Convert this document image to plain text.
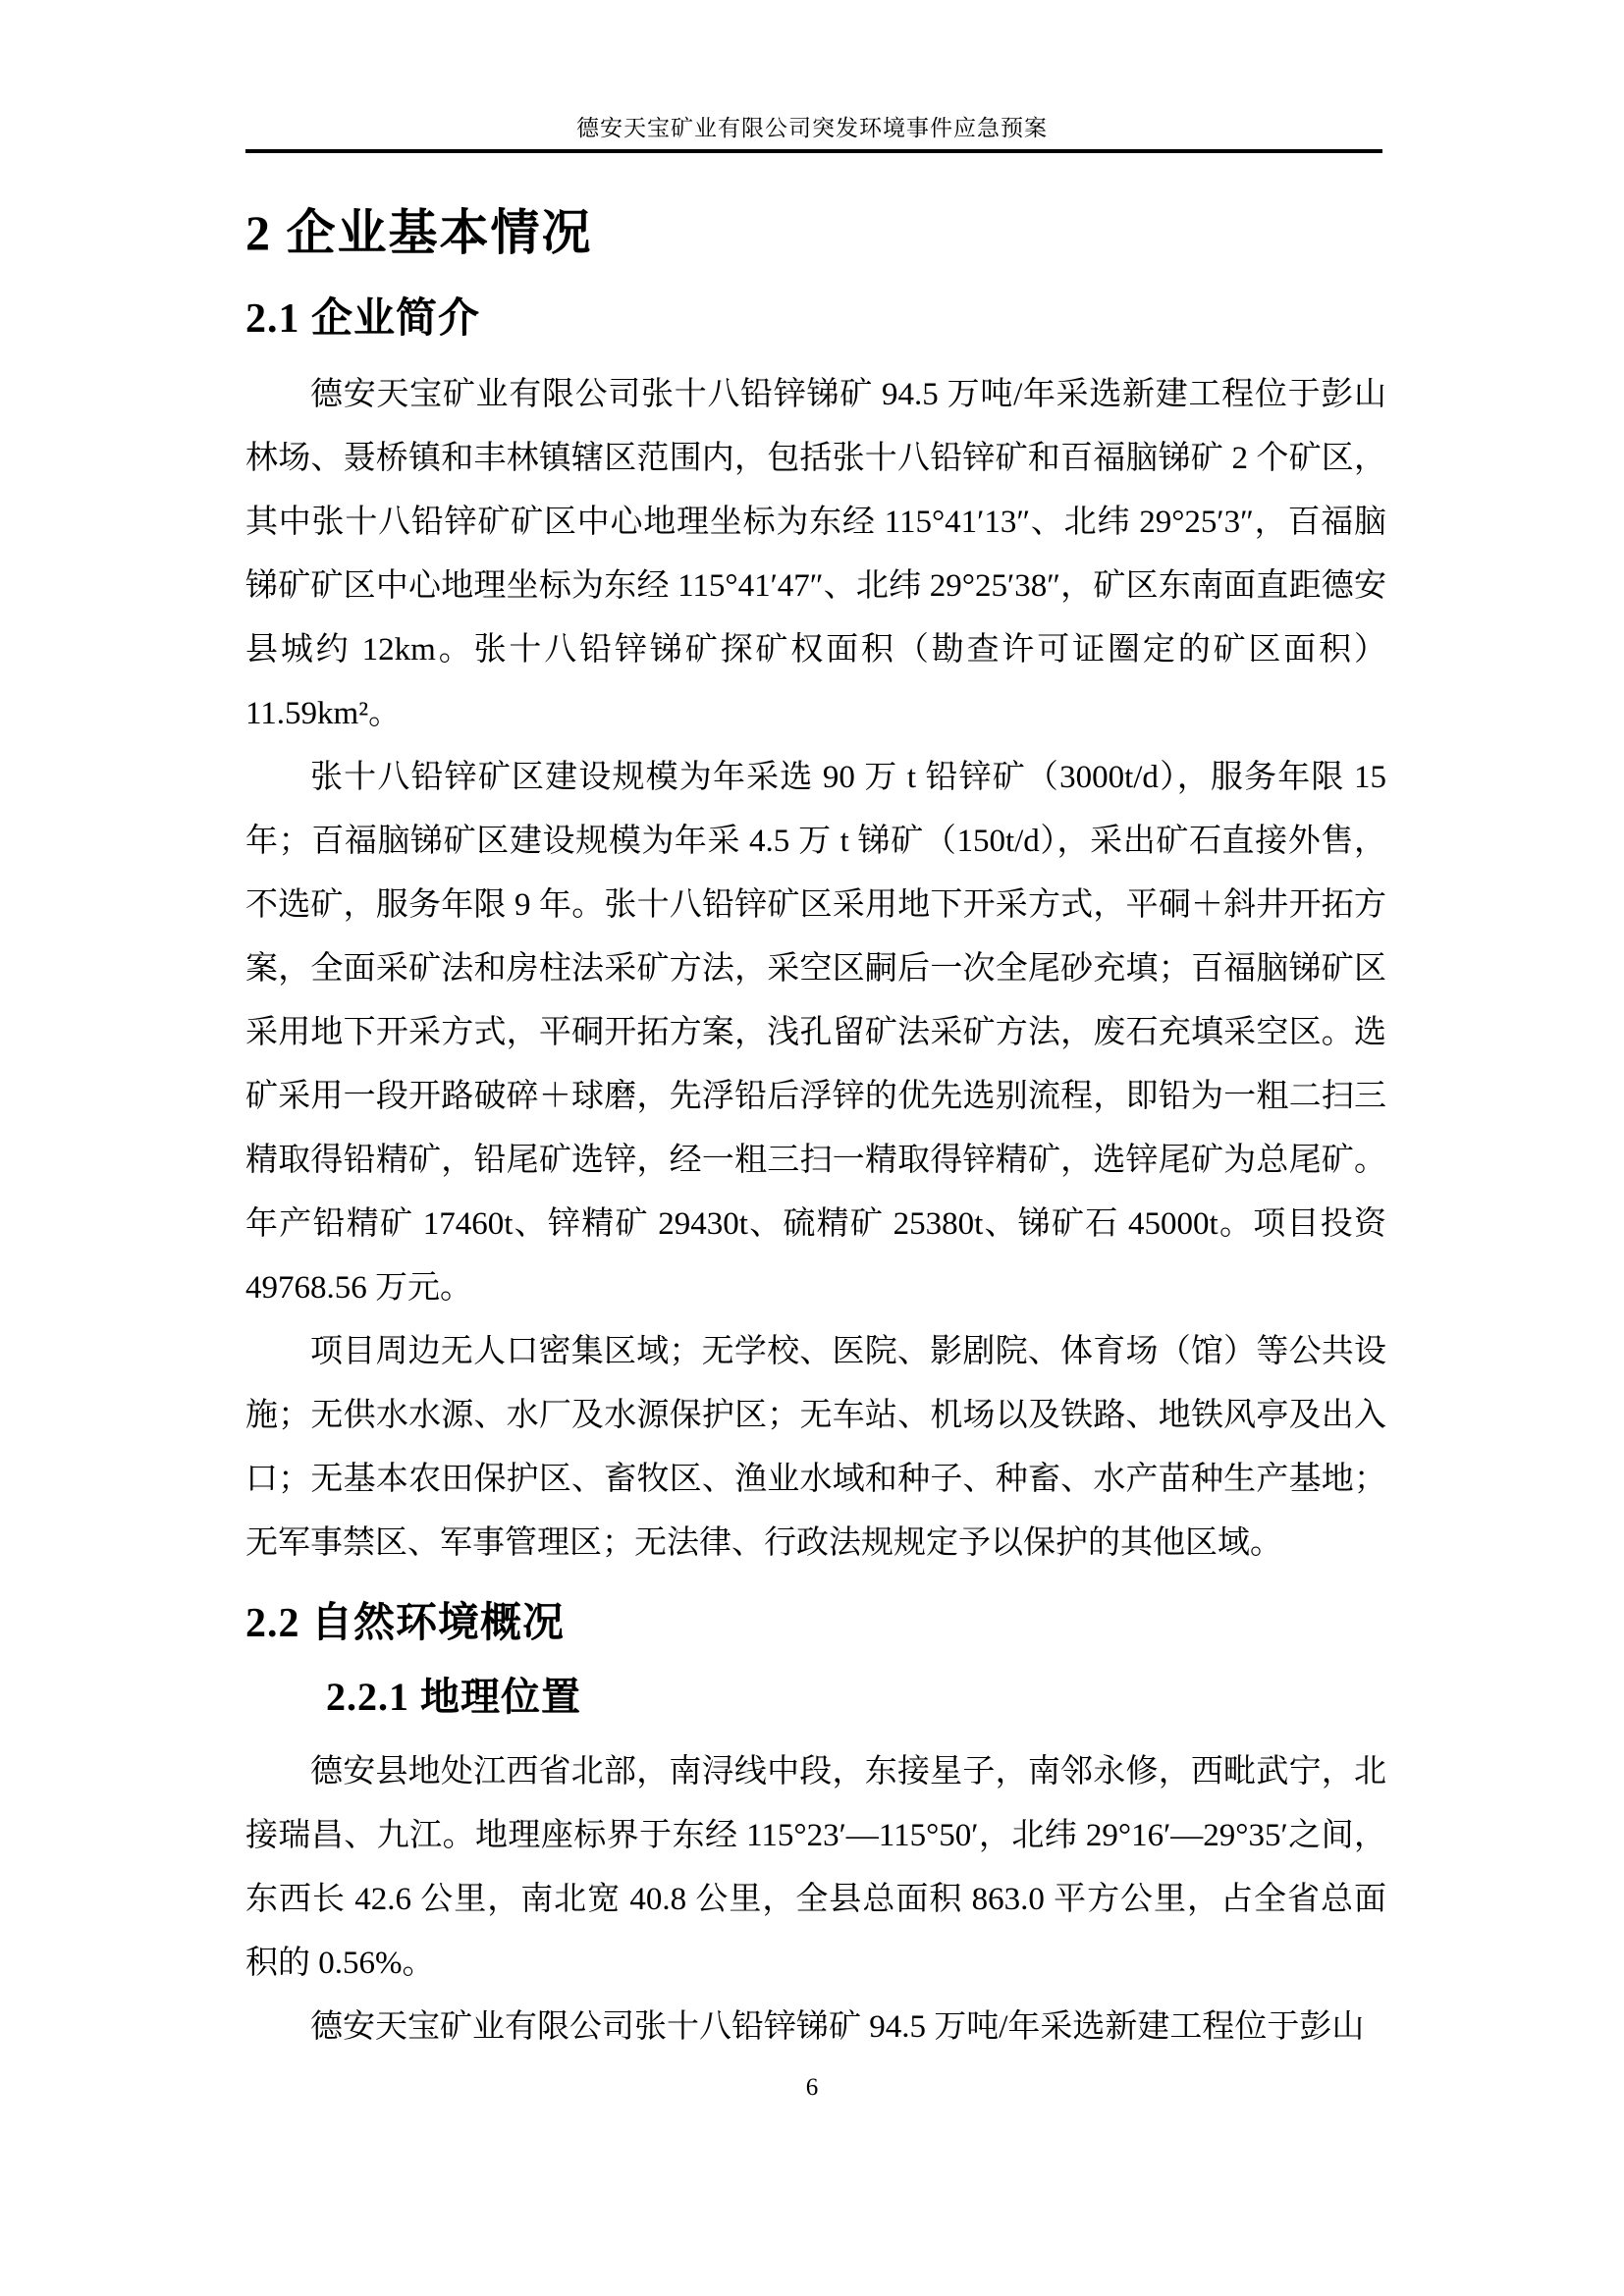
德安天宝矿业有限公司突发环境事件应急预案
2 企业基本情况
2.1 企业简介

德安天宝矿业有限公司张十八铅锌锑矿 94.5 万吨/年采选新建工程位于彭山林场、聂桥镇和丰林镇辖区范围内，包括张十八铅锌矿和百福脑锑矿 2 个矿区，其中张十八铅锌矿矿区中心地理坐标为东经 115°41′13″、北纬 29°25′3″，百福脑锑矿矿区中心地理坐标为东经 115°41′47″、北纬 29°25′38″，矿区东南面直距德安县城约 12km。张十八铅锌锑矿探矿权面积（勘查许可证圈定的矿区面积）11.59km²。

张十八铅锌矿区建设规模为年采选 90 万 t 铅锌矿（3000t/d），服务年限 15 年；百福脑锑矿区建设规模为年采 4.5 万 t 锑矿（150t/d），采出矿石直接外售，不选矿，服务年限 9 年。张十八铅锌矿区采用地下开采方式，平硐＋斜井开拓方案，全面采矿法和房柱法采矿方法，采空区嗣后一次全尾砂充填；百福脑锑矿区采用地下开采方式，平硐开拓方案，浅孔留矿法采矿方法，废石充填采空区。选矿采用一段开路破碎＋球磨，先浮铅后浮锌的优先选别流程，即铅为一粗二扫三精取得铅精矿，铅尾矿选锌，经一粗三扫一精取得锌精矿，选锌尾矿为总尾矿。年产铅精矿 17460t、锌精矿 29430t、硫精矿 25380t、锑矿石 45000t。项目投资 49768.56 万元。

项目周边无人口密集区域；无学校、医院、影剧院、体育场（馆）等公共设施；无供水水源、水厂及水源保护区；无车站、机场以及铁路、地铁风亭及出入口；无基本农田保护区、畜牧区、渔业水域和种子、种畜、水产苗种生产基地；无军事禁区、军事管理区；无法律、行政法规规定予以保护的其他区域。

2.2 自然环境概况
2.2.1 地理位置

德安县地处江西省北部，南浔线中段，东接星子，南邻永修，西毗武宁，北接瑞昌、九江。地理座标界于东经 115°23′—115°50′，北纬 29°16′—29°35′之间，东西长 42.6 公里，南北宽 40.8 公里，全县总面积 863.0 平方公里，占全省总面积的 0.56%。

德安天宝矿业有限公司张十八铅锌锑矿 94.5 万吨/年采选新建工程位于彭山

6
